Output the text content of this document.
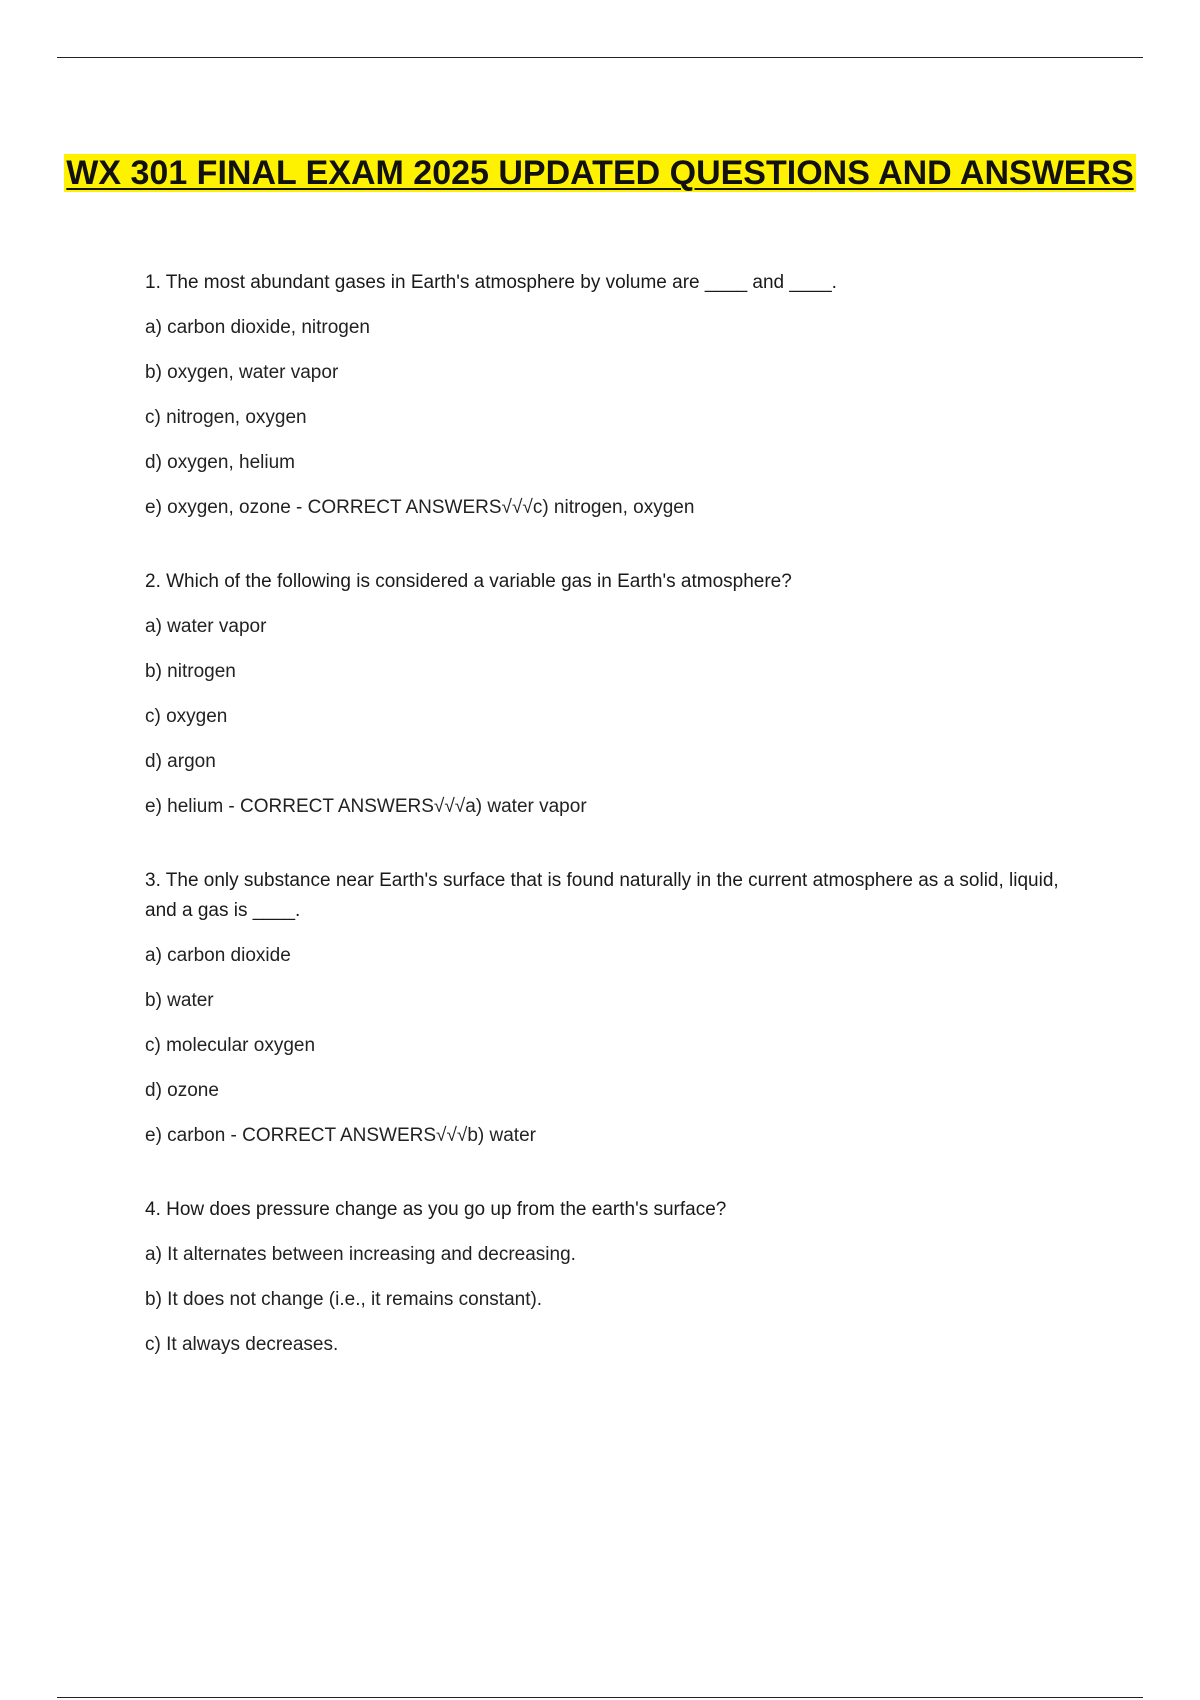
WX 301 FINAL EXAM 2025 UPDATED QUESTIONS AND ANSWERS

1. The most abundant gases in Earth's atmosphere by volume are ____ and ____.

a) carbon dioxide, nitrogen

b) oxygen, water vapor

c) nitrogen, oxygen

d) oxygen, helium

e) oxygen, ozone - CORRECT ANSWERS√√√c) nitrogen, oxygen

2. Which of the following is considered a variable gas in Earth's atmosphere?

a) water vapor

b) nitrogen

c) oxygen

d) argon

e) helium - CORRECT ANSWERS√√√a) water vapor

3. The only substance near Earth's surface that is found naturally in the current atmosphere as a solid, liquid, and a gas is ____.

a) carbon dioxide

b) water

c) molecular oxygen

d) ozone

e) carbon - CORRECT ANSWERS√√√b) water

4. How does pressure change as you go up from the earth's surface?

a) It alternates between increasing and decreasing.

b) It does not change (i.e., it remains constant).

c) It always decreases.
